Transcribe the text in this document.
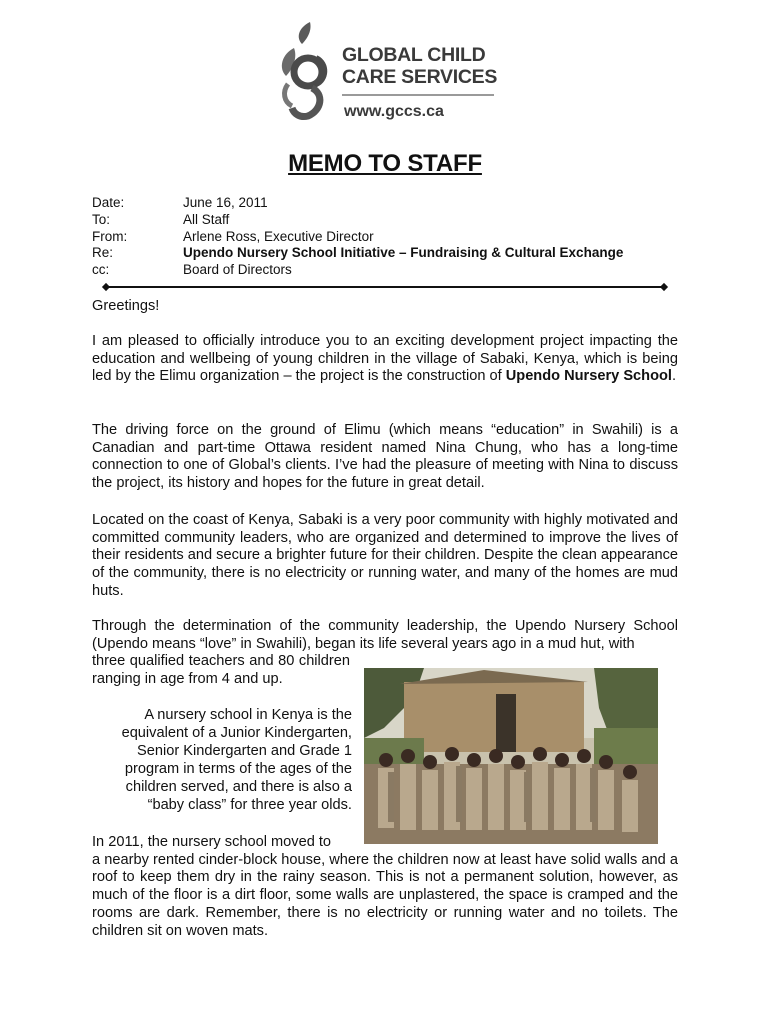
GLOBAL CHILD
CARE SERVICES
www.gccs.ca
MEMO TO STAFF
Date:	June 16, 2011
To:	All Staff
From:	Arlene Ross, Executive Director
Re:	Upendo Nursery School Initiative – Fundraising & Cultural Exchange
cc:	Board of Directors
Greetings!
I am pleased to officially introduce you to an exciting development project impacting the education and wellbeing of young children in the village of Sabaki, Kenya, which is being led by the Elimu organization – the project is the construction of Upendo Nursery School.
The driving force on the ground of Elimu (which means “education” in Swahili) is a Canadian and part-time Ottawa resident named Nina Chung, who has a long-time connection to one of Global’s clients. I’ve had the pleasure of meeting with Nina to discuss the project, its history and hopes for the future in great detail.
Located on the coast of Kenya, Sabaki is a very poor community with highly motivated and committed community leaders, who are organized and determined to improve the lives of their residents and secure a brighter future for their children. Despite the clean appearance of the community, there is no electricity or running water, and many of the homes are mud huts.
Through the determination of the community leadership, the Upendo Nursery School (Upendo means “love” in Swahili), began its life several years ago in a mud hut, with
three qualified teachers and 80 children ranging in age from 4 and up.
A nursery school in Kenya is the equivalent of a Junior Kindergarten, Senior Kindergarten and Grade 1 program in terms of the ages of the children served, and there is also a “baby class” for three year olds.
In 2011, the nursery school moved to
a nearby rented cinder-block house, where the children now at least have solid walls and a roof to keep them dry in the rainy season. This is not a permanent solution, however, as much of the floor is a dirt floor, some walls are unplastered, the space is cramped and the rooms are dark. Remember, there is no electricity or running water and no toilets. The children sit on woven mats.
